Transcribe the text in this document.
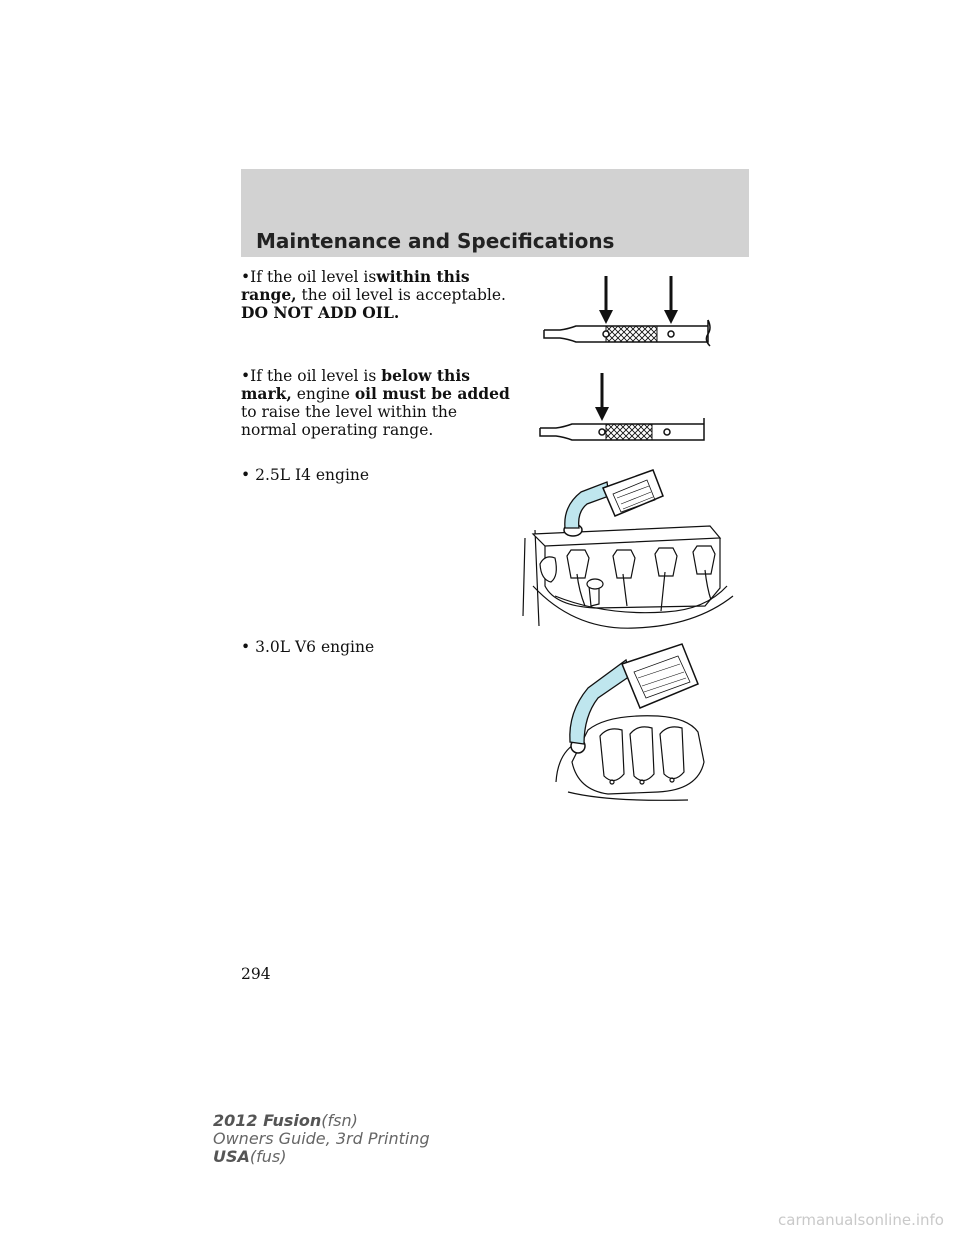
Maintenance and Specifications
•If the oil level iswithin this range, the oil level is acceptable. DO NOT ADD OIL.
•If the oil level is below this mark, engine oil must be added to raise the level within the normal operating range.
• 2.5L I4 engine
• 3.0L V6 engine
294
2012 Fusion(fsn)
Owners Guide, 3rd Printing
USA(fus)
carmanualsonline.info
